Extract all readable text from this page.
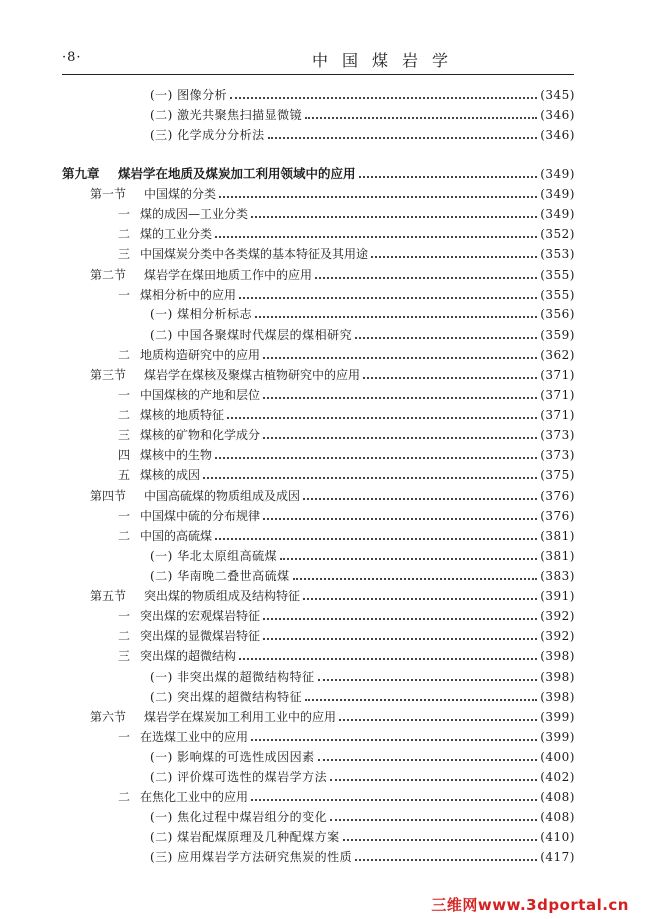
·8·	中国煤岩学
(一) 图像分析	(345)
(二) 激光共聚焦扫描显微镜	(346)
(三) 化学成分分析法	(346)
第九章	煤岩学在地质及煤炭加工利用领域中的应用	(349)
第一节	中国煤的分类	(349)
一 煤的成因—工业分类	(349)
二 煤的工业分类	(352)
三 中国煤炭分类中各类煤的基本特征及其用途	(353)
第二节	煤岩学在煤田地质工作中的应用	(355)
一 煤相分析中的应用	(355)
(一) 煤相分析标志	(356)
(二) 中国各聚煤时代煤层的煤相研究	(359)
二 地质构造研究中的应用	(362)
第三节	煤岩学在煤核及聚煤古植物研究中的应用	(371)
一 中国煤核的产地和层位	(371)
二 煤核的地质特征	(371)
三 煤核的矿物和化学成分	(373)
四 煤核中的生物	(373)
五 煤核的成因	(375)
第四节	中国高硫煤的物质组成及成因	(376)
一 中国煤中硫的分布规律	(376)
二 中国的高硫煤	(381)
(一) 华北太原组高硫煤	(381)
(二) 华南晚二叠世高硫煤	(383)
第五节	突出煤的物质组成及结构特征	(391)
一 突出煤的宏观煤岩特征	(392)
二 突出煤的显微煤岩特征	(392)
三 突出煤的超微结构	(398)
(一) 非突出煤的超微结构特征	(398)
(二) 突出煤的超微结构特征	(398)
第六节	煤岩学在煤炭加工利用工业中的应用	(399)
一 在选煤工业中的应用	(399)
(一) 影响煤的可选性成因因素	(400)
(二) 评价煤可选性的煤岩学方法	(402)
二 在焦化工业中的应用	(408)
(一) 焦化过程中煤岩组分的变化	(408)
(二) 煤岩配煤原理及几种配煤方案	(410)
(三) 应用煤岩学方法研究焦炭的性质	(417)
三维网www.3dportal.cn
